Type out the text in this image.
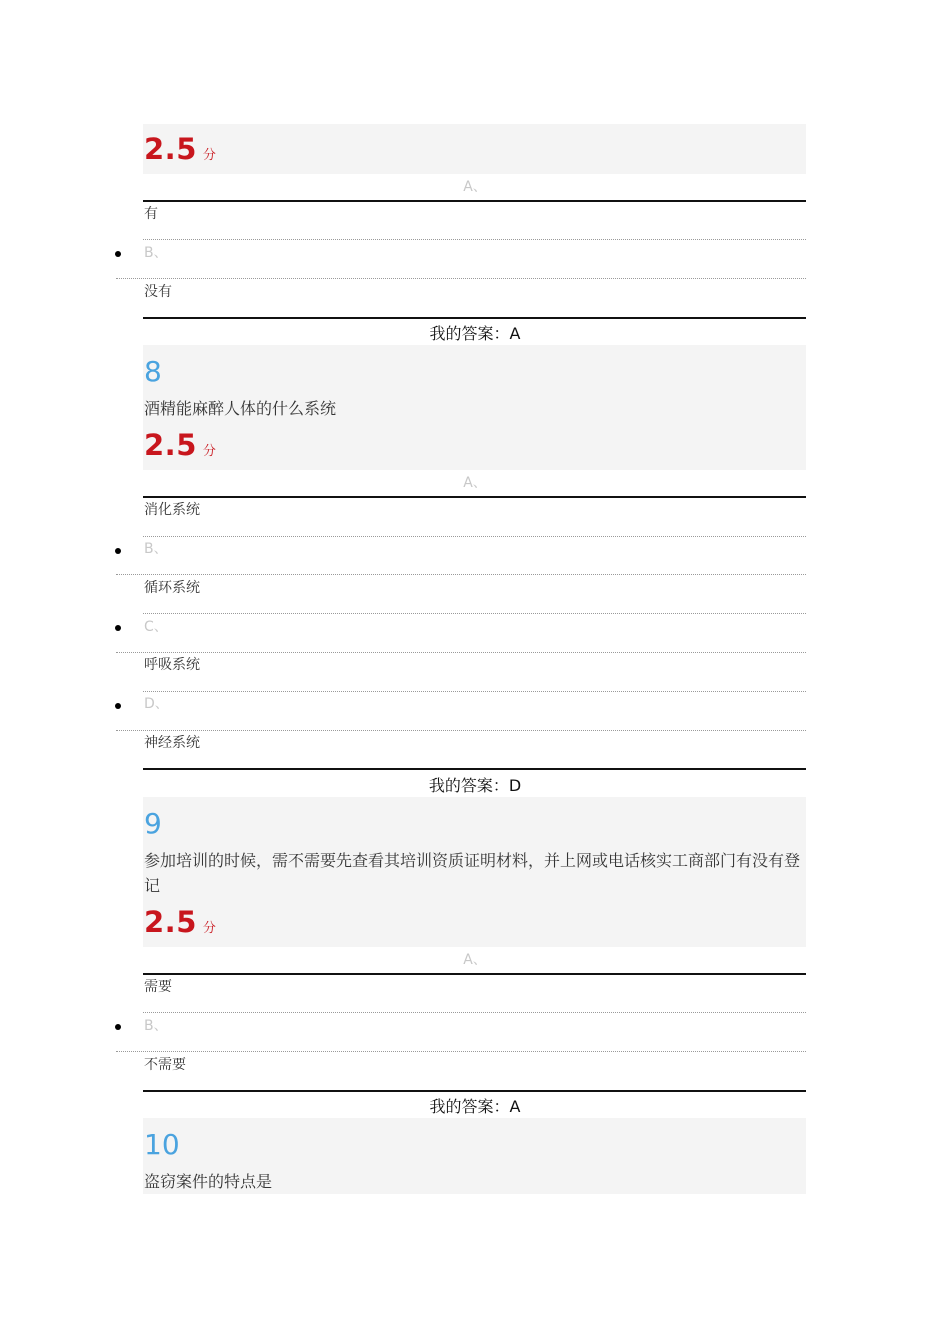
2.5 分
A、
有
B、
没有
我的答案：A
8
酒精能麻醉人体的什么系统
2.5 分
A、
消化系统
B、
循环系统
C、
呼吸系统
D、
神经系统
我的答案：D
9
参加培训的时候，需不需要先查看其培训资质证明材料，并上网或电话核实工商部门有没有登记
2.5 分
A、
需要
B、
不需要
我的答案：A
10
盗窃案件的特点是
